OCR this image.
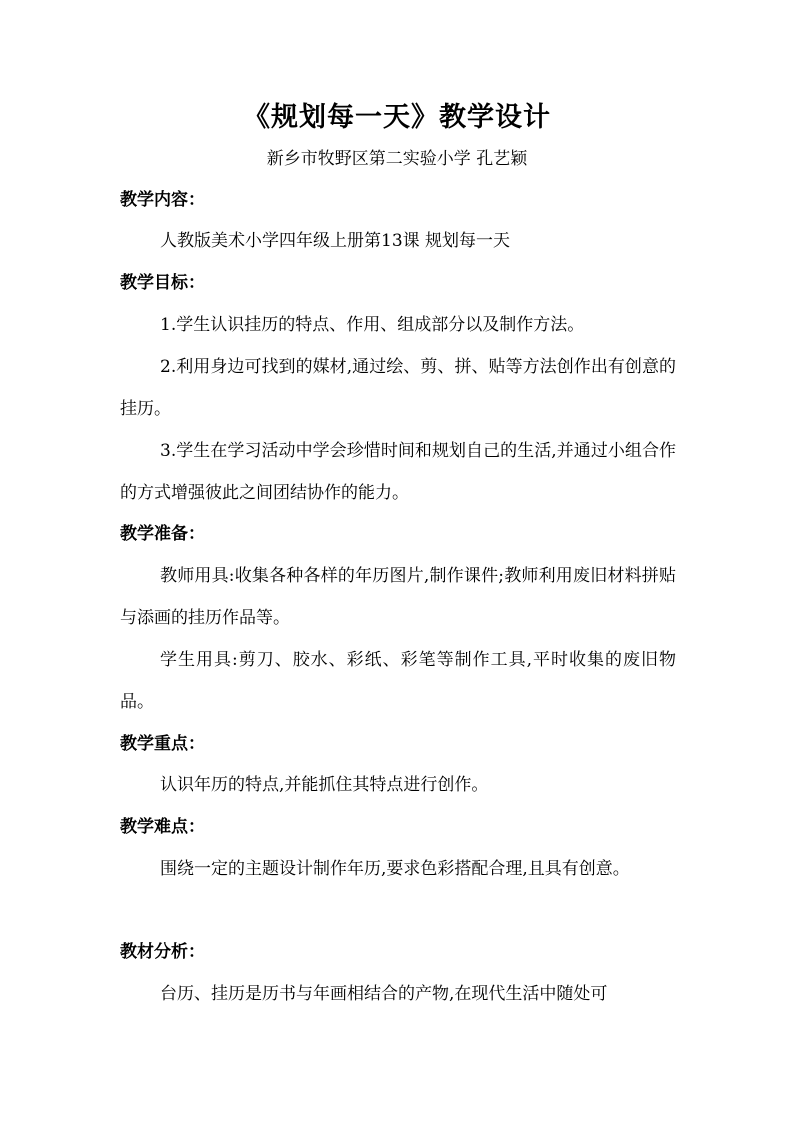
《规划每一天》教学设计
新乡市牧野区第二实验小学 孔艺颖
教学内容：

人教版美术小学四年级上册第13课 规划每一天

教学目标：

1.学生认识挂历的特点、作用、组成部分以及制作方法。

2.利用身边可找到的媒材,通过绘、剪、拼、贴等方法创作出有创意的挂历。

3.学生在学习活动中学会珍惜时间和规划自己的生活,并通过小组合作的方式增强彼此之间团结协作的能力。

教学准备：

教师用具:收集各种各样的年历图片,制作课件;教师利用废旧材料拼贴与添画的挂历作品等。

学生用具:剪刀、胶水、彩纸、彩笔等制作工具,平时收集的废旧物品。

教学重点：

认识年历的特点,并能抓住其特点进行创作。

教学难点：

围绕一定的主题设计制作年历,要求色彩搭配合理,且具有创意。

教材分析：

台历、挂历是历书与年画相结合的产物,在现代生活中随处可
